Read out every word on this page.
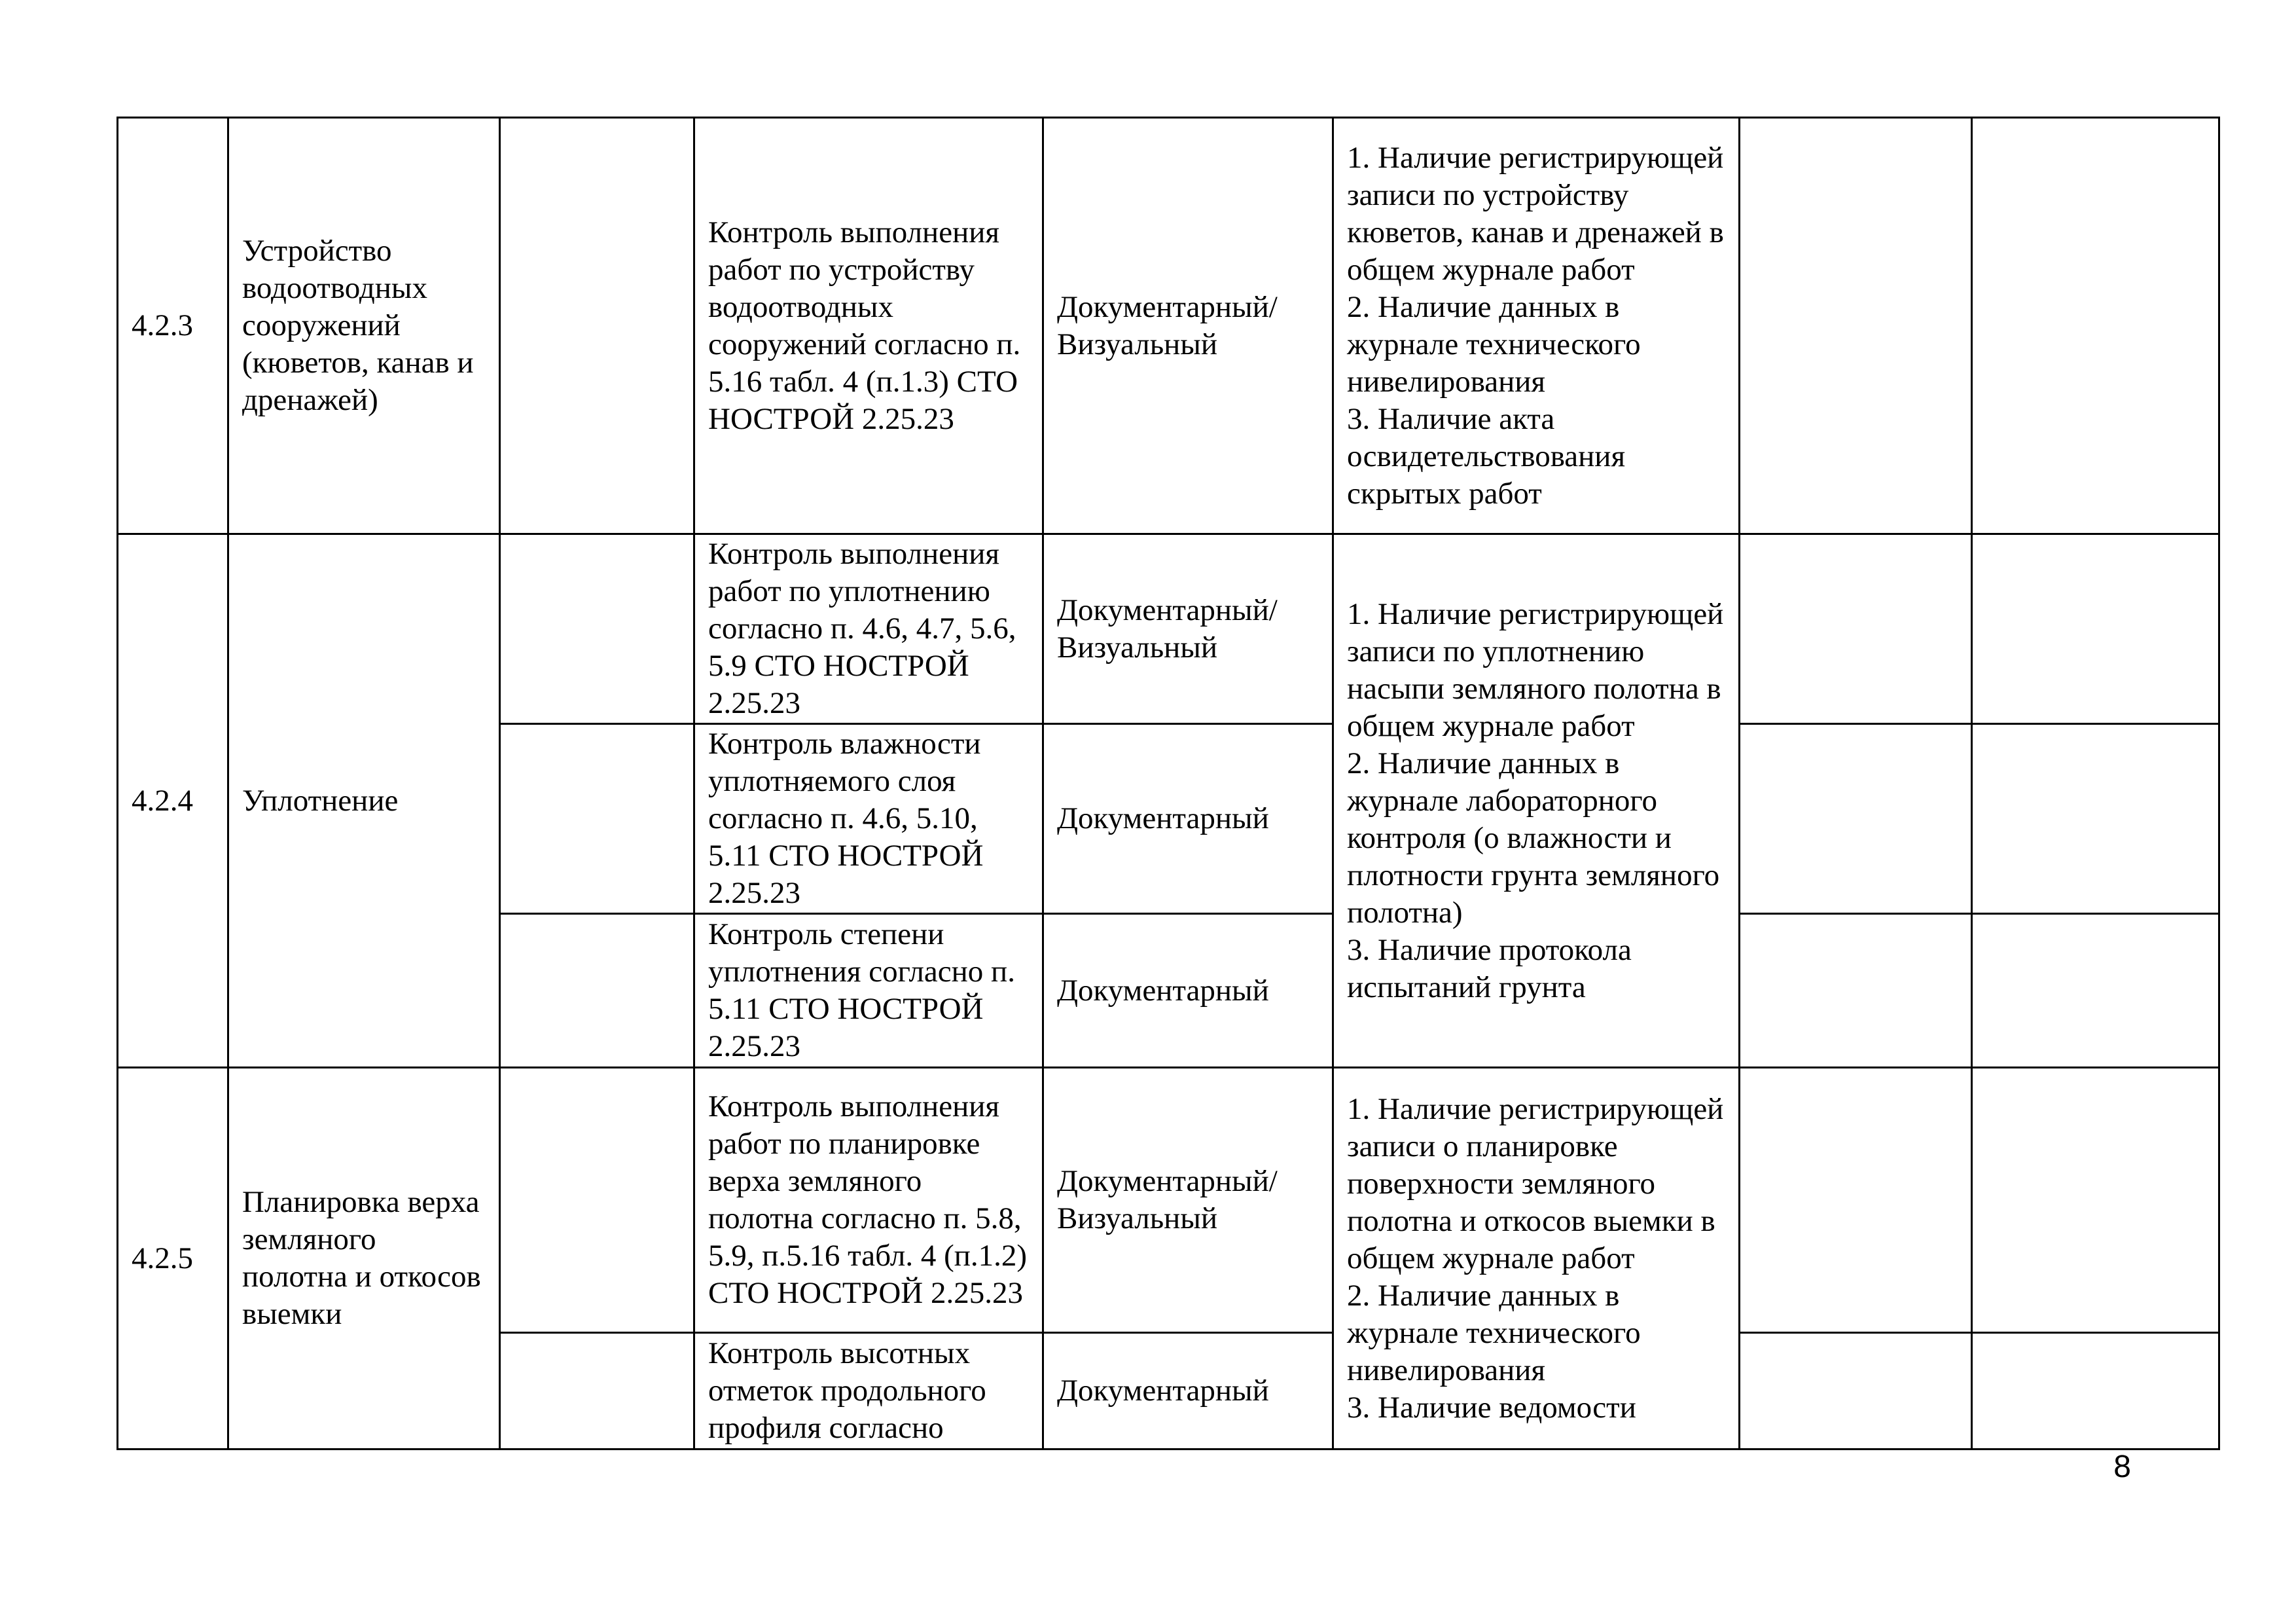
4.2.3	Устройство водоотводных сооружений (кюветов, канав и дренажей)		Контроль выполнения работ по устройству водоотводных сооружений согласно п. 5.16 табл. 4 (п.1.3) СТО НОСТРОЙ 2.25.23	Документарный/ Визуальный	1. Наличие регистрирующей записи по устройству кюветов, канав и дренажей в общем журнале работ
2. Наличие данных в журнале технического нивелирования
3. Наличие акта освидетельствования скрытых работ		
4.2.4	Уплотнение		Контроль выполнения работ по уплотнению согласно п. 4.6, 4.7, 5.6, 5.9 СТО НОСТРОЙ 2.25.23	Документарный/ Визуальный	1. Наличие регистрирующей записи по уплотнению насыпи земляного полотна в общем журнале работ
2. Наличие данных в журнале лабораторного контроля (о влажности и плотности грунта земляного полотна)
3. Наличие протокола испытаний грунта		
			Контроль влажности уплотняемого слоя согласно п. 4.6, 5.10, 5.11 СТО НОСТРОЙ 2.25.23	Документарный			
			Контроль степени уплотнения согласно п. 5.11 СТО НОСТРОЙ 2.25.23	Документарный			
4.2.5	Планировка верха земляного полотна и откосов выемки		Контроль выполнения работ по планировке верха земляного полотна согласно п. 5.8, 5.9, п.5.16 табл. 4 (п.1.2) СТО НОСТРОЙ 2.25.23	Документарный/ Визуальный	1. Наличие регистрирующей записи о планировке поверхности земляного полотна и откосов выемки в общем журнале работ
2. Наличие данных в журнале технического нивелирования
3. Наличие ведомости		
			Контроль высотных отметок продольного профиля согласно	Документарный			
8
